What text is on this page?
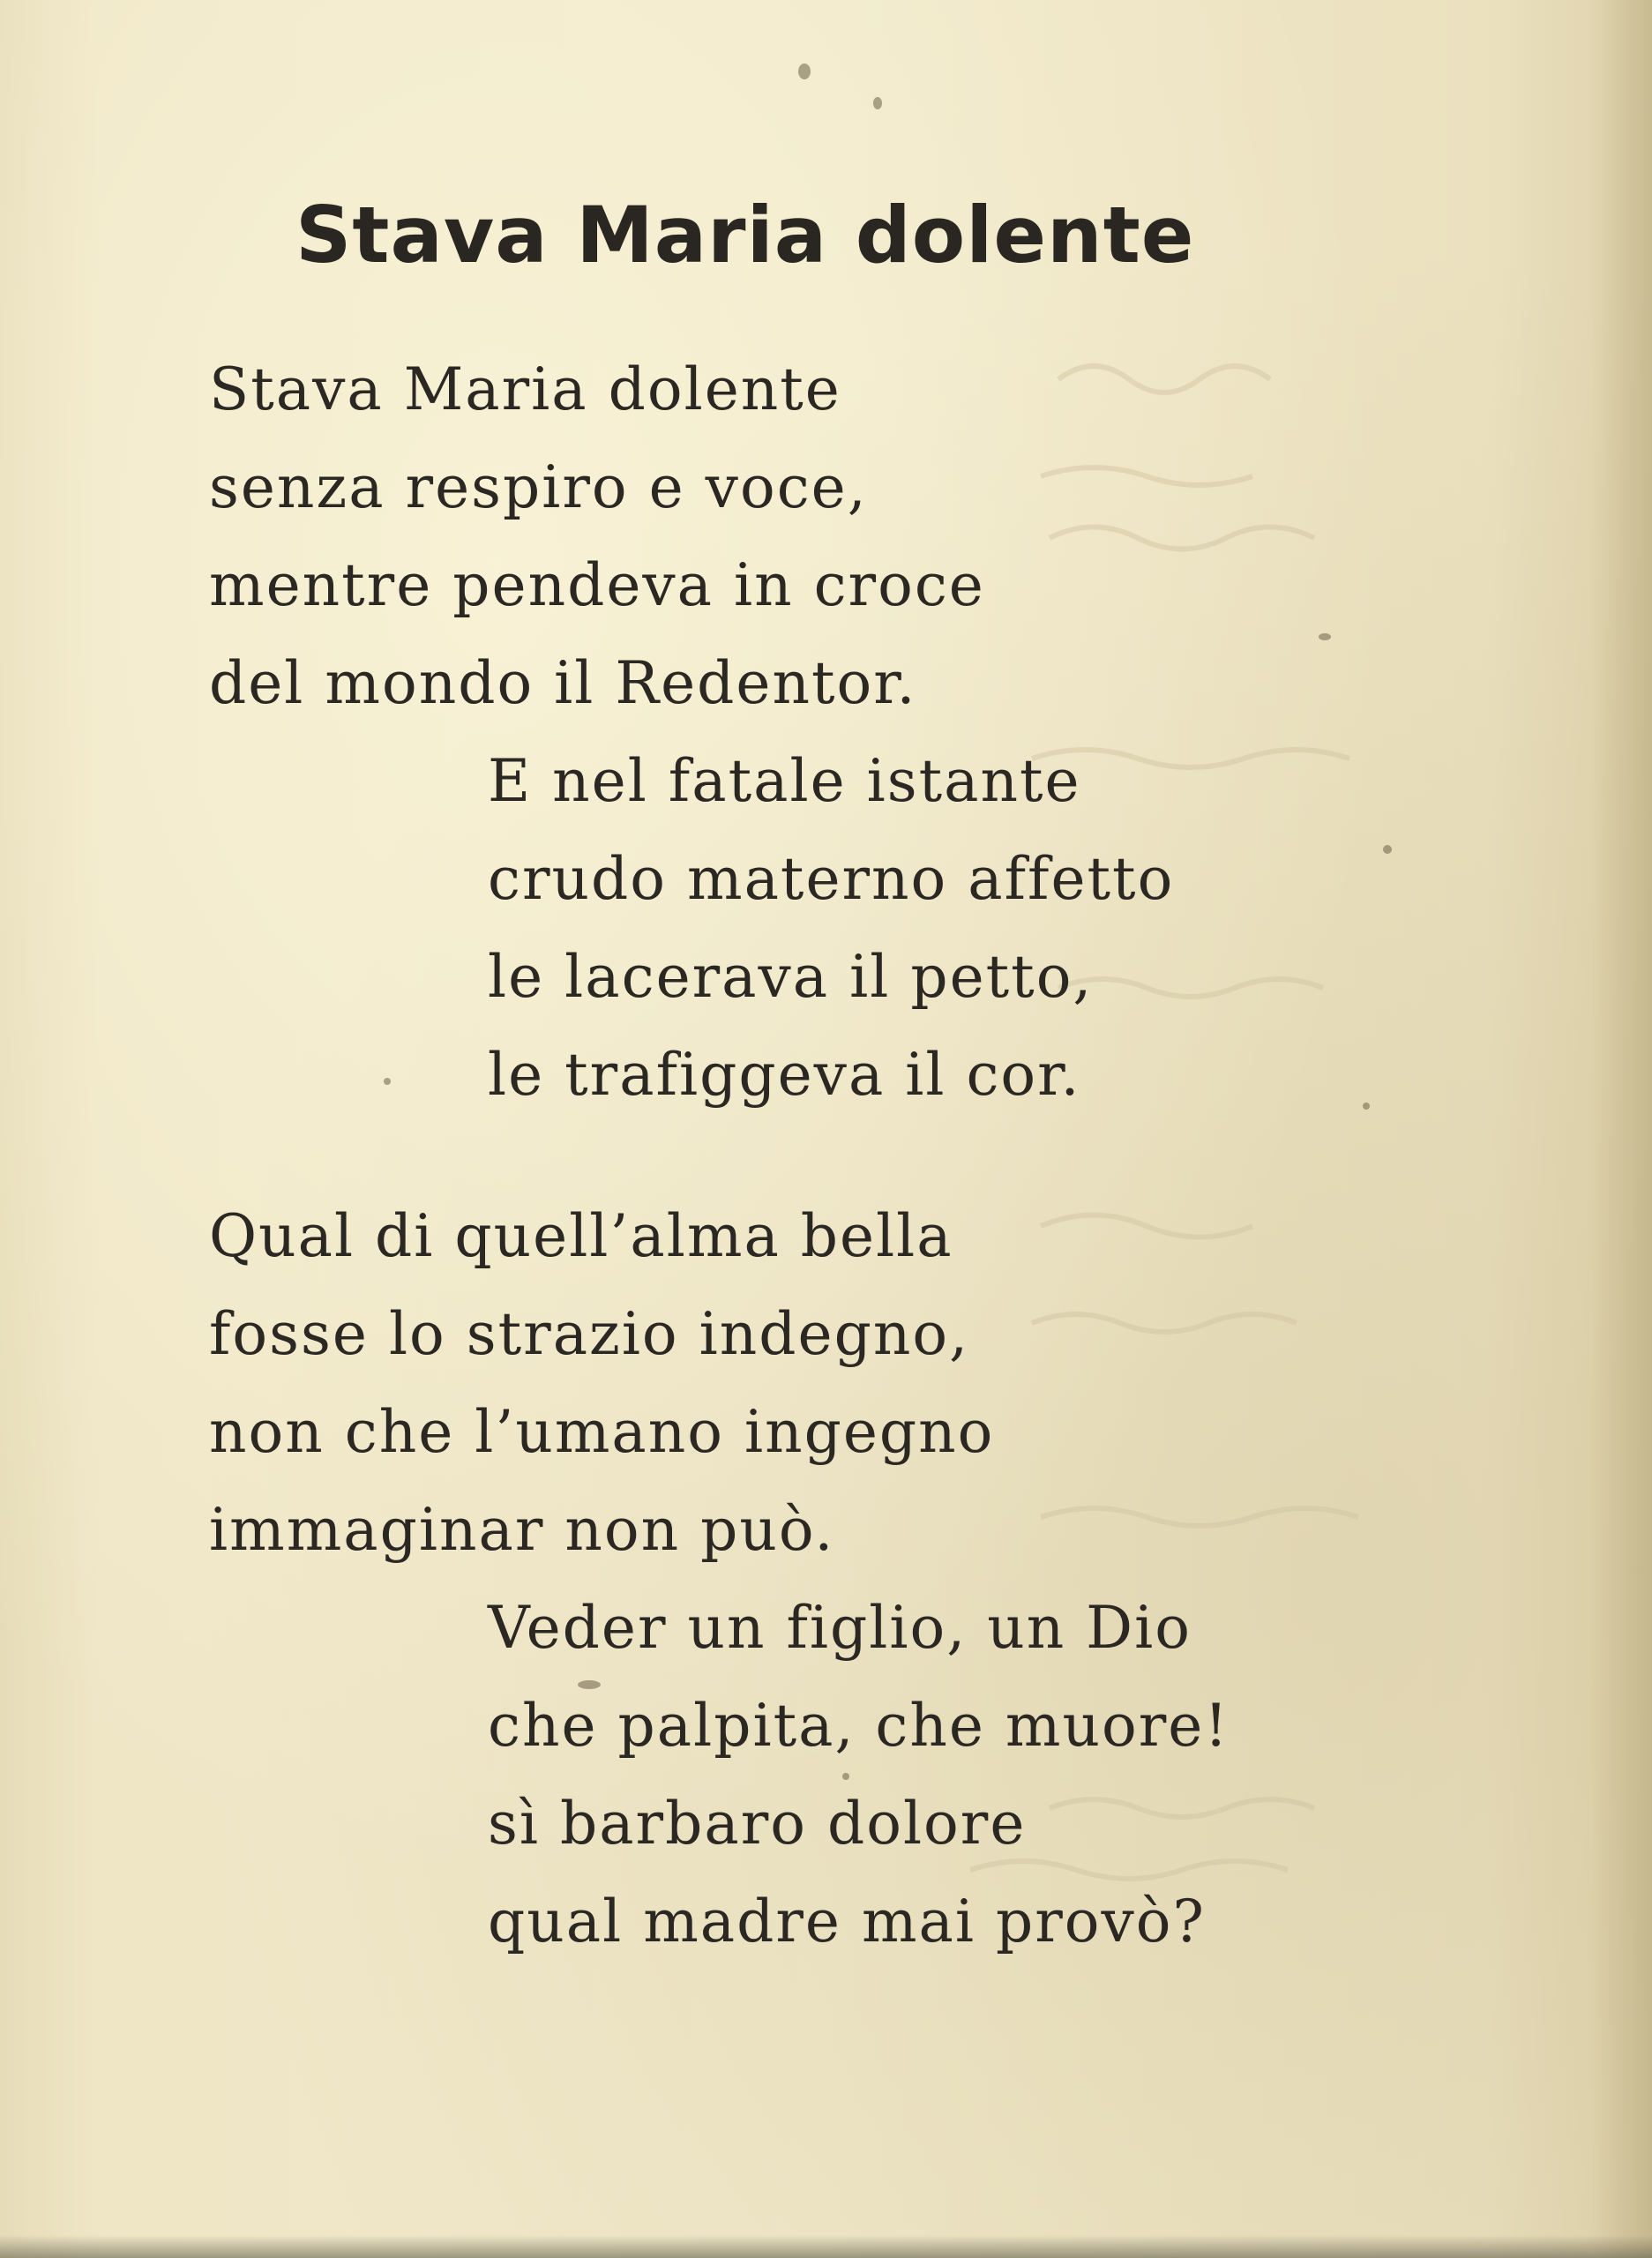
Stava Maria dolente
Stava Maria dolente
senza respiro e voce,
mentre pendeva in croce
del mondo il Redentor.
E nel fatale istante
crudo materno affetto
le lacerava il petto,
le trafiggeva il cor.
Qual di quell’alma bella
fosse lo strazio indegno,
non che l’umano ingegno
immaginar non può.
Veder un figlio, un Dio
che palpita, che muore!
sì barbaro dolore
qual madre mai provò?
